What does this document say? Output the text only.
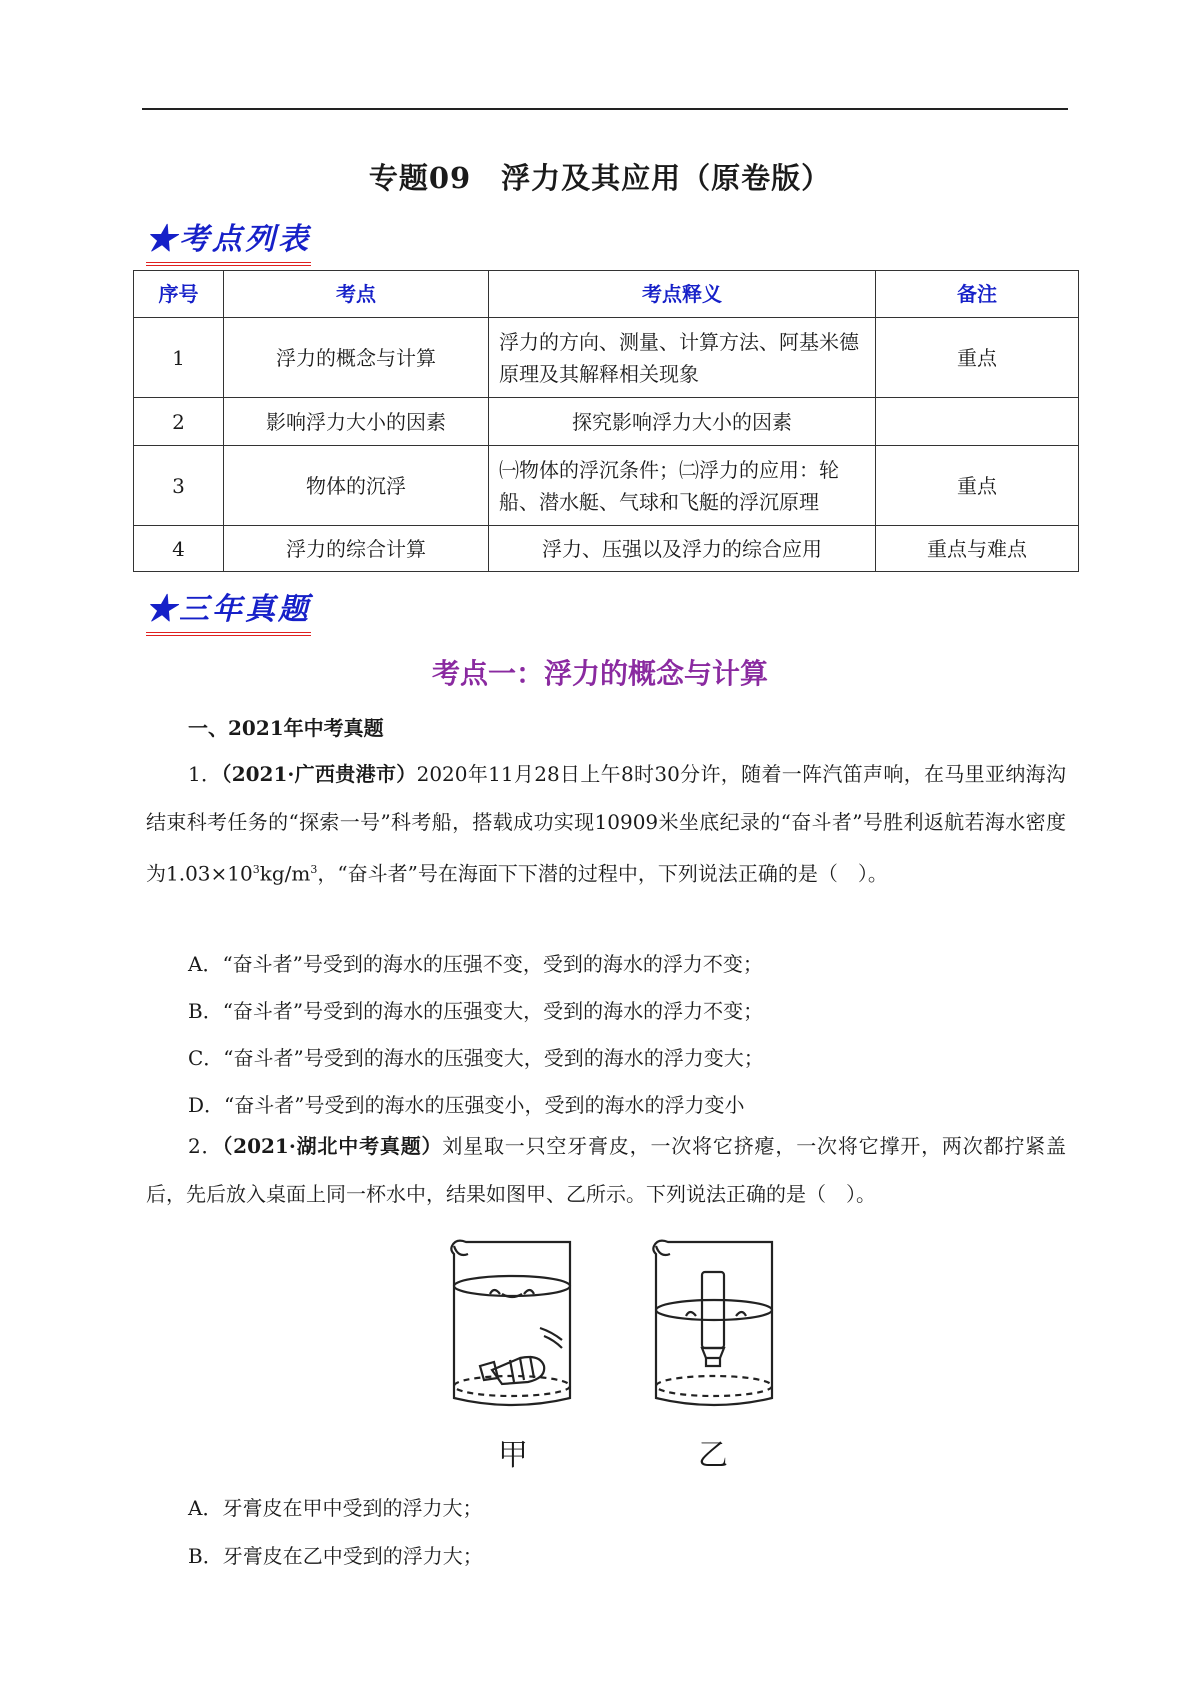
专题09　浮力及其应用（原卷版）
★考点列表
序号	考点	考点释义	备注
1	浮力的概念与计算	浮力的方向、测量、计算方法、阿基米德原理及其解释相关现象	重点
2	影响浮力大小的因素	探究影响浮力大小的因素	
3	物体的沉浮	㈠物体的浮沉条件；㈡浮力的应用：轮船、潜水艇、气球和飞艇的浮沉原理	重点
4	浮力的综合计算	浮力、压强以及浮力的综合应用	重点与难点
★三年真题
考点一：浮力的概念与计算
一、2021年中考真题
1．（2021·广西贵港市）2020年11月28日上午8时30分许，随着一阵汽笛声响，在马里亚纳海沟结束科考任务的“探索一号”科考船，搭载成功实现10909米坐底纪录的“奋斗者”号胜利返航若海水密度为$1.03\times 10^3kg/m^3$，“奋斗者”号在海面下下潜的过程中，下列说法正确的是（　）。
A．“奋斗者”号受到的海水的压强不变，受到的海水的浮力不变；
B．“奋斗者”号受到的海水的压强变大，受到的海水的浮力不变；
C．“奋斗者”号受到的海水的压强变大，受到的海水的浮力变大；
D．“奋斗者”号受到的海水的压强变小，受到的海水的浮力变小
2．（2021·湖北中考真题）刘星取一只空牙膏皮，一次将它挤瘪，一次将它撑开，两次都拧紧盖后，先后放入桌面上同一杯水中，结果如图甲、乙所示。下列说法正确的是（　）。
甲	乙
A．牙膏皮在甲中受到的浮力大；
B．牙膏皮在乙中受到的浮力大；
